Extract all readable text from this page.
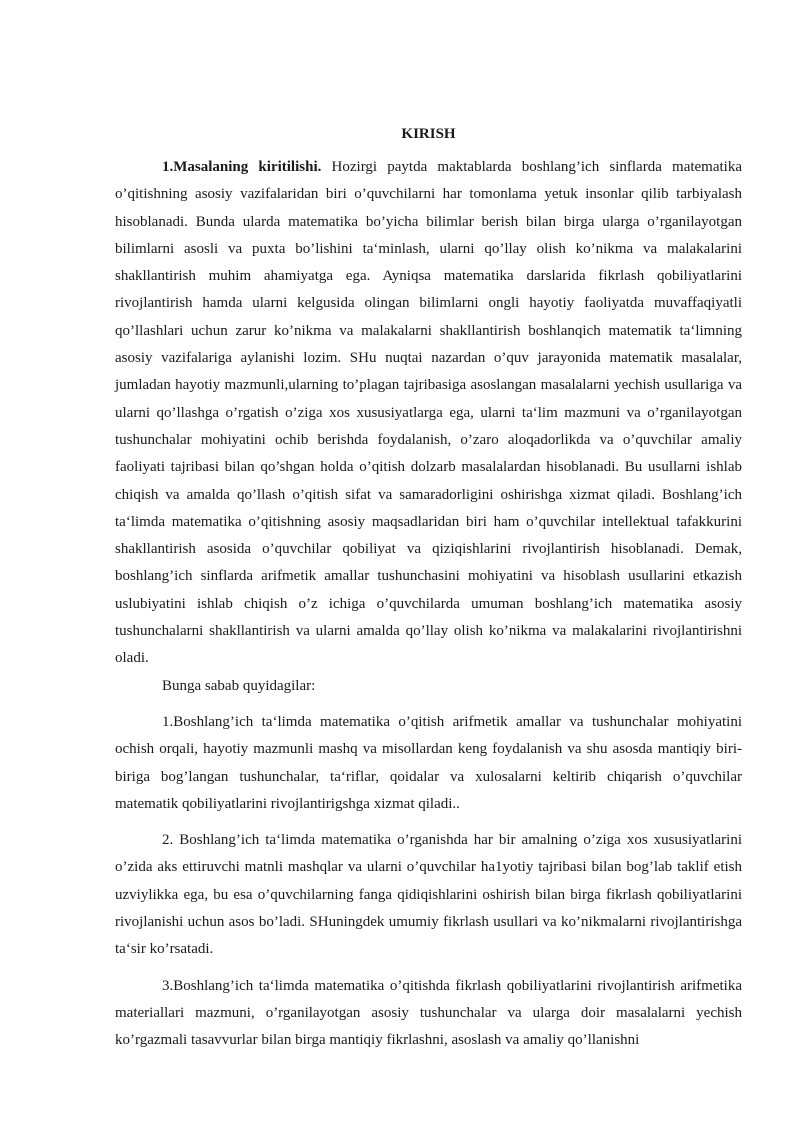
KIRISH

1.Masalaning kiritilishi. Hozirgi paytda maktablarda boshlang’ich sinflarda matematika o’qitishning asosiy vazifalaridan biri o’quvchilarni har tomonlama yetuk insonlar qilib tarbiyalash hisoblanadi. Bunda ularda matematika bo’yicha bilimlar berish bilan birga ularga o’rganilayotgan bilimlarni asosli va puxta bo’lishini ta‘minlash, ularni qo’llay olish ko’nikma va malakalarini shakllantirish muhim ahamiyatga ega. Ayniqsa matematika darslarida fikrlash qobiliyatlarini rivojlantirish hamda ularni kelgusida olingan bilimlarni ongli hayotiy faoliyatda muvaffaqiyatli qo’llashlari uchun zarur ko’nikma va malakalarni shakllantirish boshlanqich matematik ta‘limning asosiy vazifalariga aylanishi lozim. SHu nuqtai nazardan o’quv jarayonida matematik masalalar, jumladan hayotiy mazmunli,ularning to’plagan tajribasiga asoslangan masalalarni yechish usullariga va ularni qo’llashga o’rgatish o’ziga xos xususiyatlarga ega, ularni ta‘lim mazmuni va o’rganilayotgan tushunchalar mohiyatini ochib berishda foydalanish, o’zaro aloqadorlikda va o’quvchilar amaliy faoliyati tajribasi bilan qo’shgan holda o’qitish dolzarb masalalardan hisoblanadi. Bu usullarni ishlab chiqish va amalda qo’llash o’qitish sifat va samaradorligini oshirishga xizmat qiladi. Boshlang’ich ta‘limda matematika o’qitishning asosiy maqsadlaridan biri ham o’quvchilar intellektual tafakkurini shakllantirish asosida o’quvchilar qobiliyat va qiziqishlarini rivojlantirish hisoblanadi. Demak, boshlang’ich sinflarda arifmetik amallar tushunchasini mohiyatini va hisoblash usullarini etkazish uslubiyatini ishlab chiqish o’z ichiga o’quvchilarda umuman boshlang’ich matematika asosiy tushunchalarni shakllantirish va ularni amalda qo’llay olish ko’nikma va malakalarini rivojlantirishni oladi.

Bunga sabab quyidagilar:

1.Boshlang’ich ta‘limda matematika o’qitish arifmetik amallar va tushunchalar mohiyatini ochish orqali, hayotiy mazmunli mashq va misollardan keng foydalanish va shu asosda mantiqiy biri-biriga bog’langan tushunchalar, ta‘riflar, qoidalar va xulosalarni keltirib chiqarish o’quvchilar matematik qobiliyatlarini rivojlantirigshga xizmat qiladi..

2. Boshlang’ich ta‘limda matematika o’rganishda har bir amalning o’ziga xos xususiyatlarini o’zida aks ettiruvchi matnli mashqlar va ularni o’quvchilar ha1yotiy tajribasi bilan bog’lab taklif etish uzviylikka ega, bu esa o’quvchilarning fanga qidiqishlarini oshirish bilan birga fikrlash qobiliyatlarini rivojlanishi uchun asos bo’ladi. SHuningdek umumiy fikrlash usullari va ko’nikmalarni rivojlantirishga ta‘sir ko’rsatadi.

3.Boshlang’ich ta‘limda matematika o’qitishda fikrlash qobiliyatlarini rivojlantirish arifmetika materiallari mazmuni, o’rganilayotgan asosiy tushunchalar va ularga doir masalalarni yechish ko’rgazmali tasavvurlar bilan birga mantiqiy fikrlashni, asoslash va amaliy qo’llanishni
